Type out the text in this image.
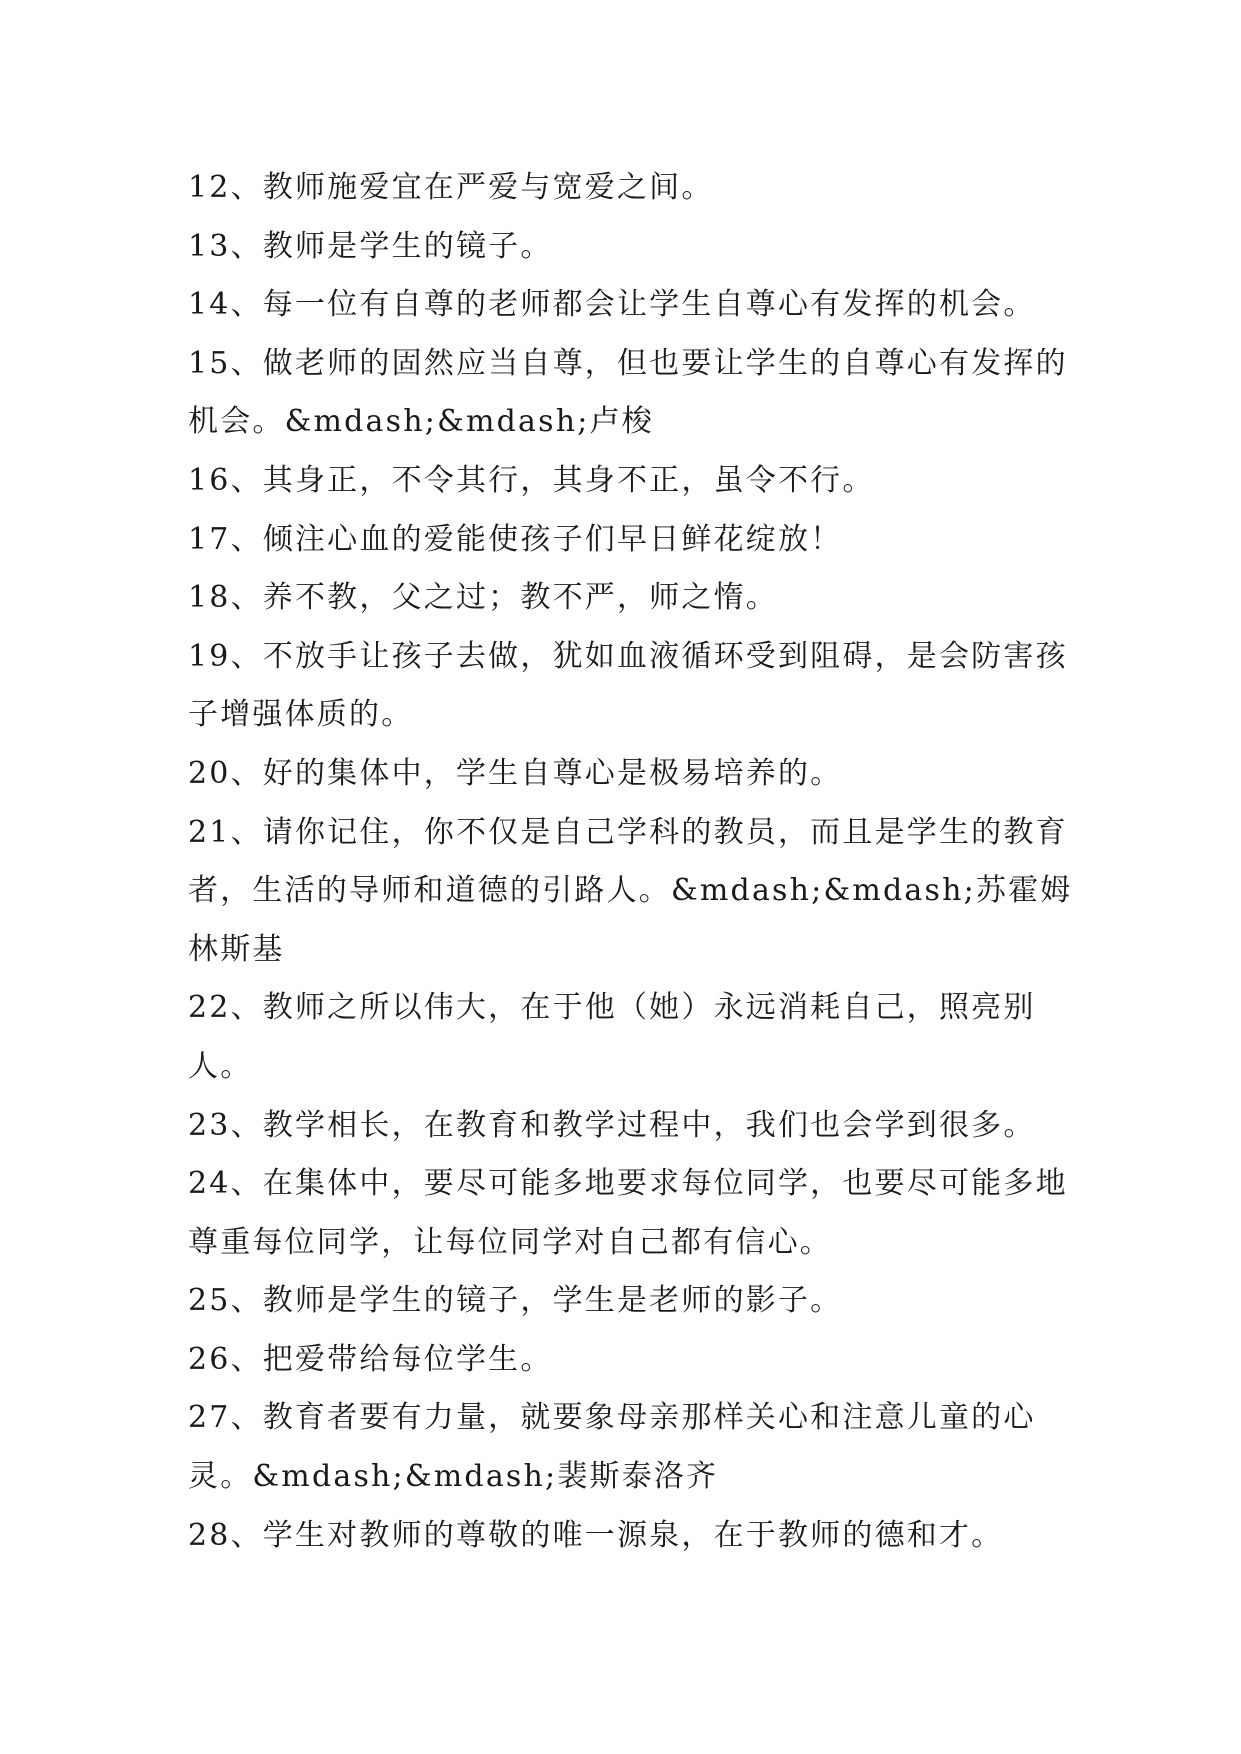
12、教师施爱宜在严爱与宽爱之间。

13、教师是学生的镜子。

14、每一位有自尊的老师都会让学生自尊心有发挥的机会。

15、做老师的固然应当自尊，但也要让学生的自尊心有发挥的机会。&mdash;&mdash;卢梭

16、其身正，不令其行，其身不正，虽令不行。

17、倾注心血的爱能使孩子们早日鲜花绽放！

18、养不教，父之过；教不严，师之惰。

19、不放手让孩子去做，犹如血液循环受到阻碍，是会防害孩子增强体质的。

20、好的集体中，学生自尊心是极易培养的。

21、请你记住，你不仅是自己学科的教员，而且是学生的教育者，生活的导师和道德的引路人。&mdash;&mdash;苏霍姆林斯基

22、教师之所以伟大，在于他（她）永远消耗自己，照亮别人。

23、教学相长，在教育和教学过程中，我们也会学到很多。

24、在集体中，要尽可能多地要求每位同学，也要尽可能多地尊重每位同学，让每位同学对自己都有信心。

25、教师是学生的镜子，学生是老师的影子。

26、把爱带给每位学生。

27、教育者要有力量，就要象母亲那样关心和注意儿童的心灵。&mdash;&mdash;裴斯泰洛齐

28、学生对教师的尊敬的唯一源泉，在于教师的德和才。
